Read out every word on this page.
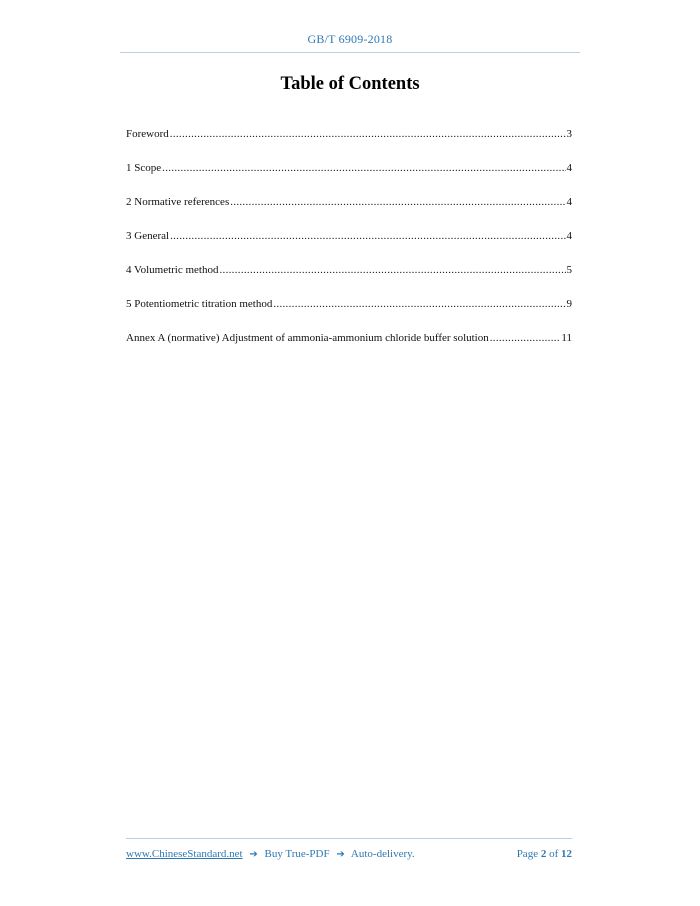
GB/T 6909-2018
Table of Contents
Foreword .....	3
1 Scope .....	4
2 Normative references .....	4
3 General .....	4
4 Volumetric method .....	5
5 Potentiometric titration method .....	9
Annex A (normative) Adjustment of ammonia-ammonium chloride buffer solution .....	11
www.ChineseStandard.net ➔ Buy True-PDF ➔ Auto-delivery.	Page 2 of 12
